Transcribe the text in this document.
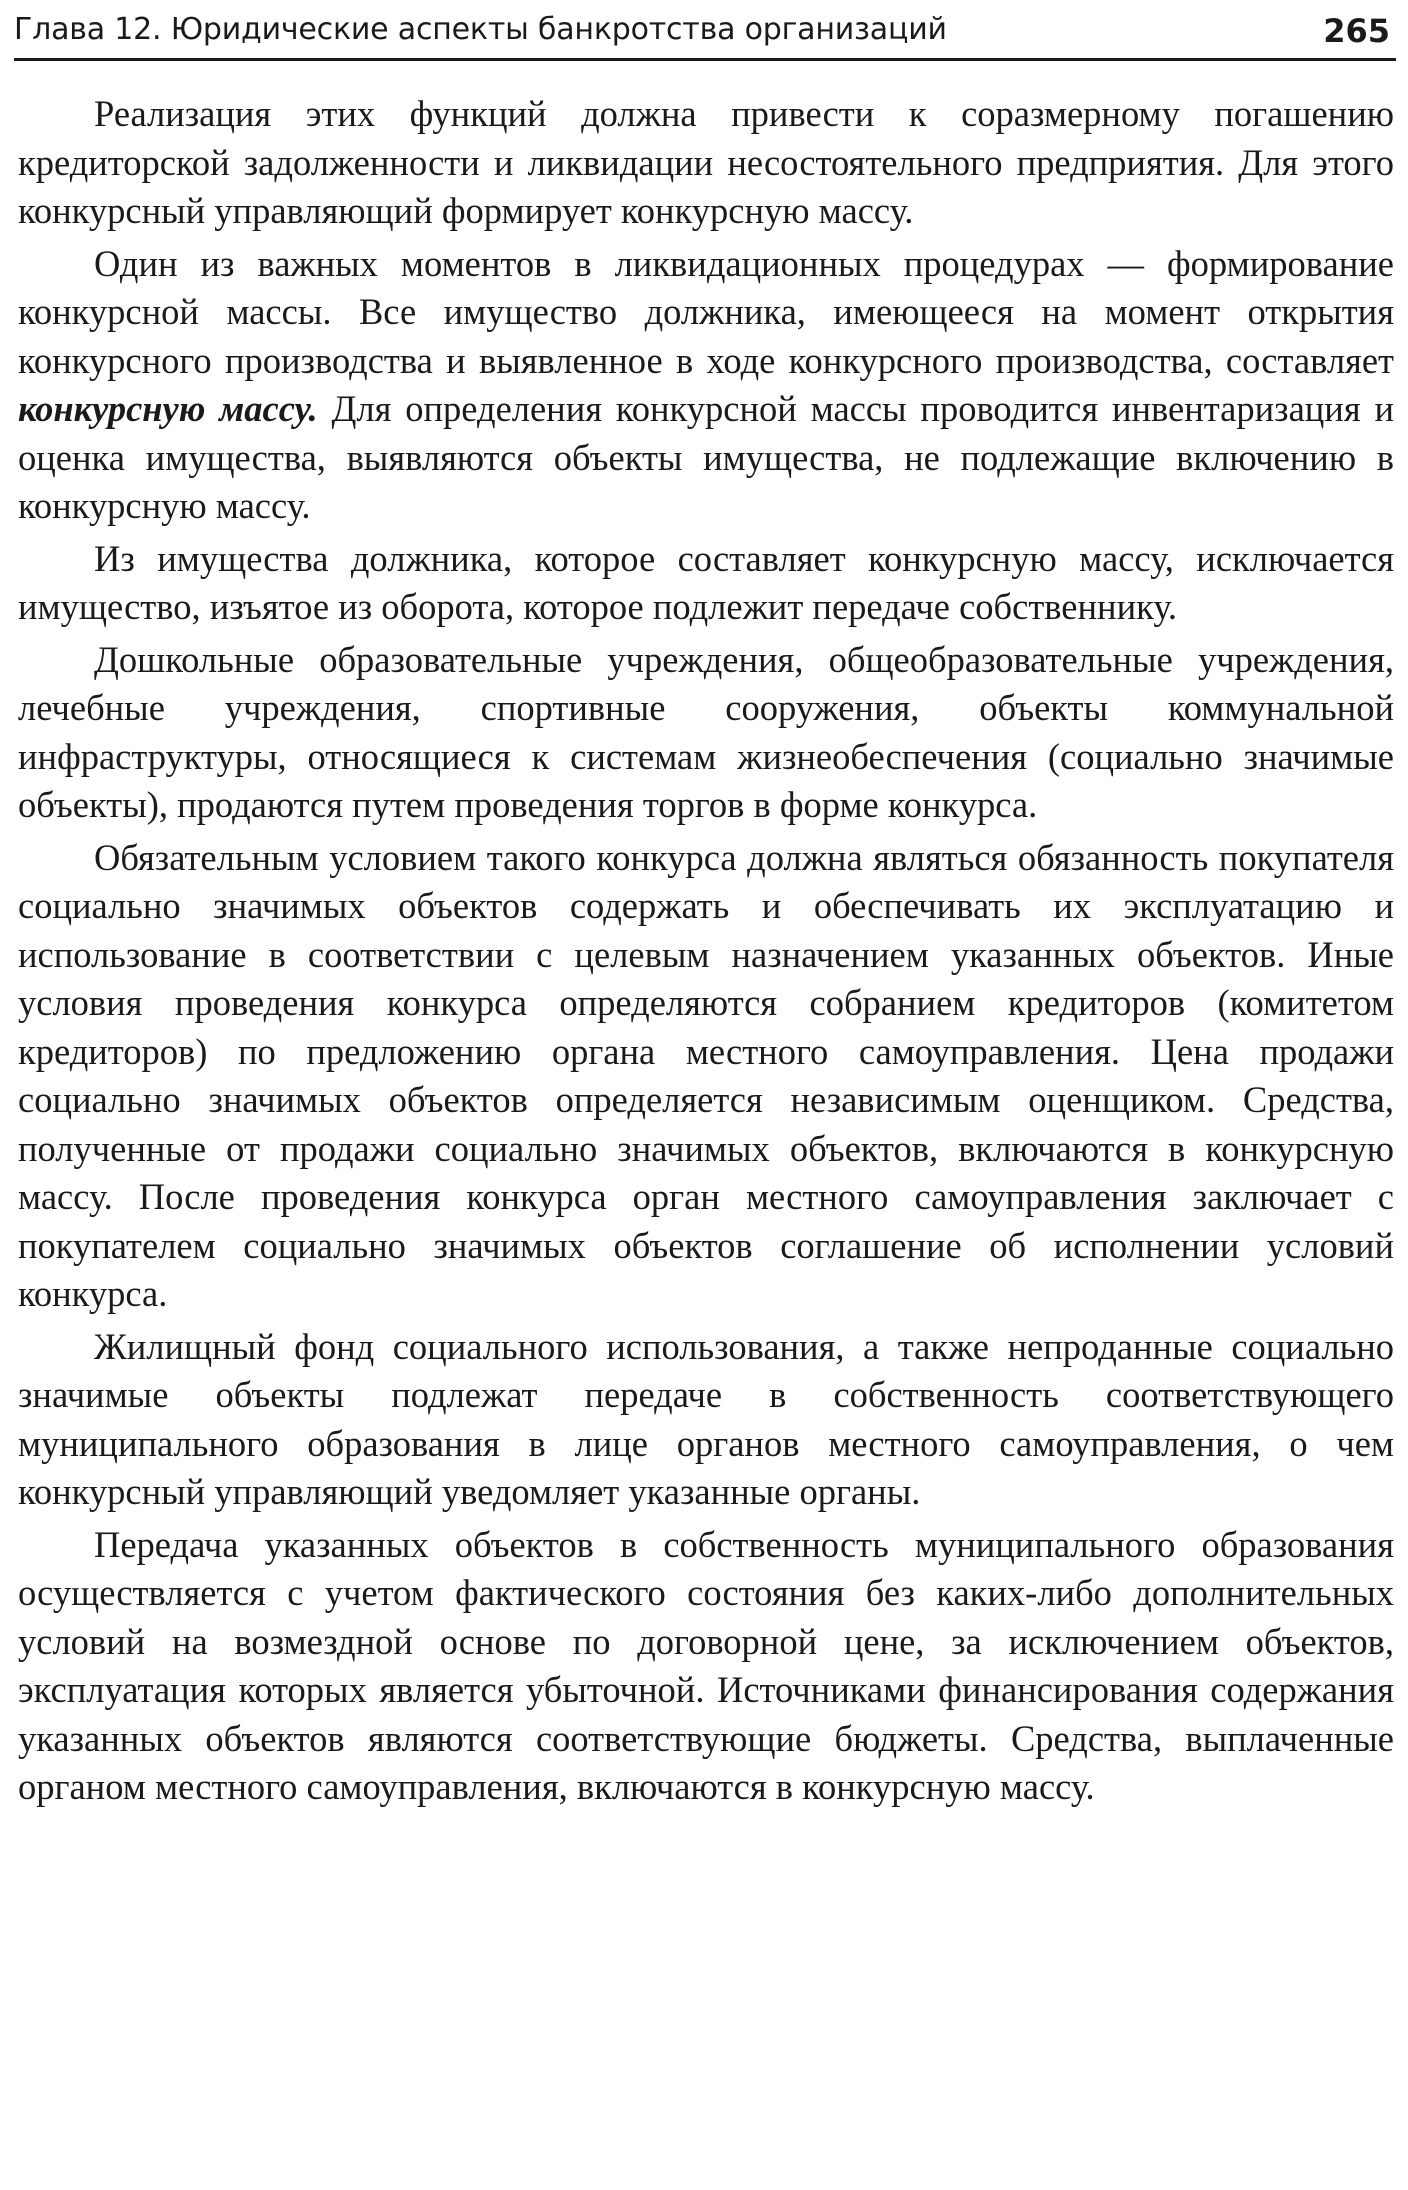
Глава 12. Юридические аспекты банкротства организаций	265

Реализация этих функций должна привести к соразмерному погашению кредиторской задолженности и ликвидации несостоятельного предприятия. Для этого конкурсный управляющий формирует конкурсную массу.

Один из важных моментов в ликвидационных процедурах — формирование конкурсной массы. Все имущество должника, имеющееся на момент открытия конкурсного производства и выявленное в ходе конкурсного производства, составляет конкурсную массу. Для определения конкурсной массы проводится инвентаризация и оценка имущества, выявляются объекты имущества, не подлежащие включению в конкурсную массу.

Из имущества должника, которое составляет конкурсную массу, исключается имущество, изъятое из оборота, которое подлежит передаче собственнику.

Дошкольные образовательные учреждения, общеобразовательные учреждения, лечебные учреждения, спортивные сооружения, объекты коммунальной инфраструктуры, относящиеся к системам жизнеобеспечения (социально значимые объекты), продаются путем проведения торгов в форме конкурса.

Обязательным условием такого конкурса должна являться обязанность покупателя социально значимых объектов содержать и обеспечивать их эксплуатацию и использование в соответствии с целевым назначением указанных объектов. Иные условия проведения конкурса определяются собранием кредиторов (комитетом кредиторов) по предложению органа местного самоуправления. Цена продажи социально значимых объектов определяется независимым оценщиком. Средства, полученные от продажи социально значимых объектов, включаются в конкурсную массу. После проведения конкурса орган местного самоуправления заключает с покупателем социально значимых объектов соглашение об исполнении условий конкурса.

Жилищный фонд социального использования, а также непроданные социально значимые объекты подлежат передаче в собственность соответствующего муниципального образования в лице органов местного самоуправления, о чем конкурсный управляющий уведомляет указанные органы.

Передача указанных объектов в собственность муниципального образования осуществляется с учетом фактического состояния без каких-либо дополнительных условий на возмездной основе по договорной цене, за исключением объектов, эксплуатация которых является убыточной. Источниками финансирования содержания указанных объектов являются соответствующие бюджеты. Средства, выплаченные органом местного самоуправления, включаются в конкурсную массу.
